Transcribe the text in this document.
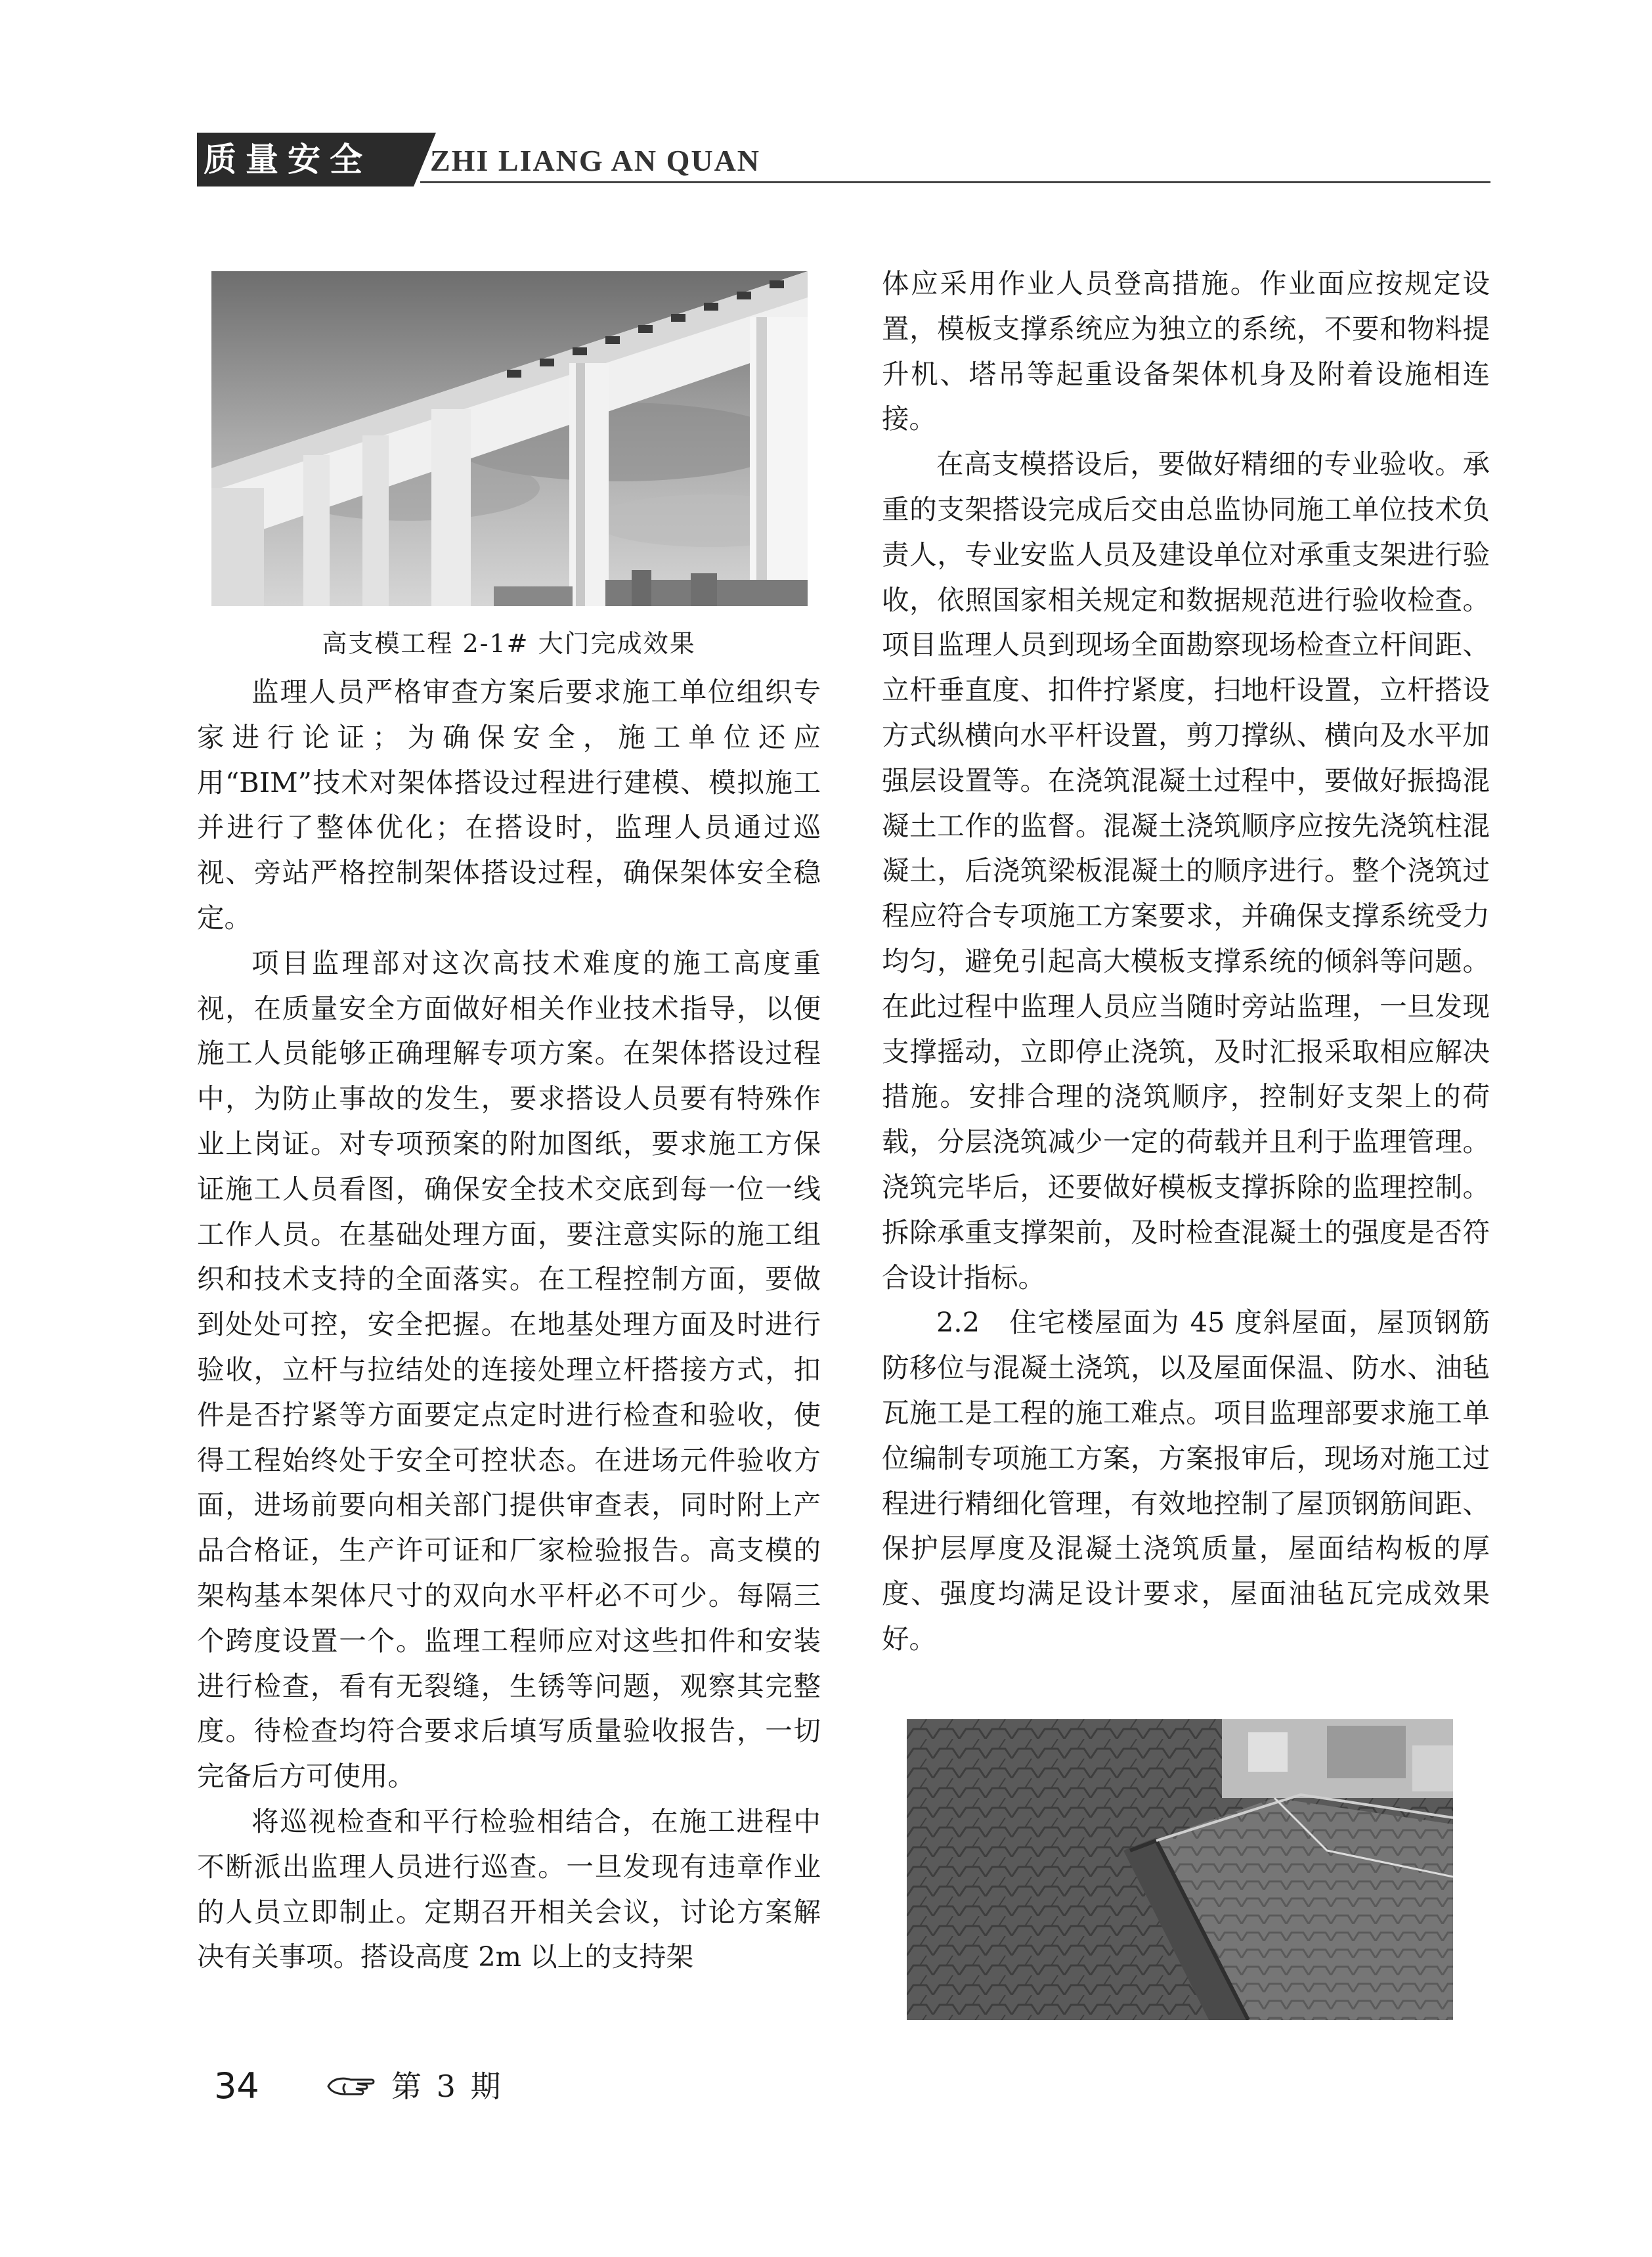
质量安全	ZHI LIANG AN QUAN
高支模工程 2-1# 大门完成效果

监理人员严格审查方案后要求施工单位组织专家进行论证；为确保安全，施工单位还应用“BIM”技术对架体搭设过程进行建模、模拟施工并进行了整体优化；在搭设时，监理人员通过巡视、旁站严格控制架体搭设过程，确保架体安全稳定。

项目监理部对这次高技术难度的施工高度重视，在质量安全方面做好相关作业技术指导，以便施工人员能够正确理解专项方案。在架体搭设过程中，为防止事故的发生，要求搭设人员要有特殊作业上岗证。对专项预案的附加图纸，要求施工方保证施工人员看图，确保安全技术交底到每一位一线工作人员。在基础处理方面，要注意实际的施工组织和技术支持的全面落实。在工程控制方面，要做到处处可控，安全把握。在地基处理方面及时进行验收，立杆与拉结处的连接处理立杆搭接方式，扣件是否拧紧等方面要定点定时进行检查和验收，使得工程始终处于安全可控状态。在进场元件验收方面，进场前要向相关部门提供审查表，同时附上产品合格证，生产许可证和厂家检验报告。高支模的架构基本架体尺寸的双向水平杆必不可少。每隔三个跨度设置一个。监理工程师应对这些扣件和安装进行检查，看有无裂缝，生锈等问题，观察其完整度。待检查均符合要求后填写质量验收报告，一切完备后方可使用。

将巡视检查和平行检验相结合，在施工进程中不断派出监理人员进行巡查。一旦发现有违章作业的人员立即制止。定期召开相关会议，讨论方案解决有关事项。搭设高度 2m 以上的支持架

体应采用作业人员登高措施。作业面应按规定设置，模板支撑系统应为独立的系统，不要和物料提升机、塔吊等起重设备架体机身及附着设施相连接。

在高支模搭设后，要做好精细的专业验收。承重的支架搭设完成后交由总监协同施工单位技术负责人，专业安监人员及建设单位对承重支架进行验收，依照国家相关规定和数据规范进行验收检查。项目监理人员到现场全面勘察现场检查立杆间距、立杆垂直度、扣件拧紧度，扫地杆设置，立杆搭设方式纵横向水平杆设置，剪刀撑纵、横向及水平加强层设置等。在浇筑混凝土过程中，要做好振捣混凝土工作的监督。混凝土浇筑顺序应按先浇筑柱混凝土，后浇筑梁板混凝土的顺序进行。整个浇筑过程应符合专项施工方案要求，并确保支撑系统受力均匀，避免引起高大模板支撑系统的倾斜等问题。在此过程中监理人员应当随时旁站监理，一旦发现支撑摇动，立即停止浇筑，及时汇报采取相应解决措施。安排合理的浇筑顺序，控制好支架上的荷载，分层浇筑减少一定的荷载并且利于监理管理。浇筑完毕后，还要做好模板支撑拆除的监理控制。拆除承重支撑架前，及时检查混凝土的强度是否符合设计指标。

2.2　住宅楼屋面为 45 度斜屋面，屋顶钢筋防移位与混凝土浇筑，以及屋面保温、防水、油毡瓦施工是工程的施工难点。项目监理部要求施工单位编制专项施工方案，方案报审后，现场对施工过程进行精细化管理，有效地控制了屋顶钢筋间距、保护层厚度及混凝土浇筑质量，屋面结构板的厚度、强度均满足设计要求，屋面油毡瓦完成效果好。

34	第 3 期
